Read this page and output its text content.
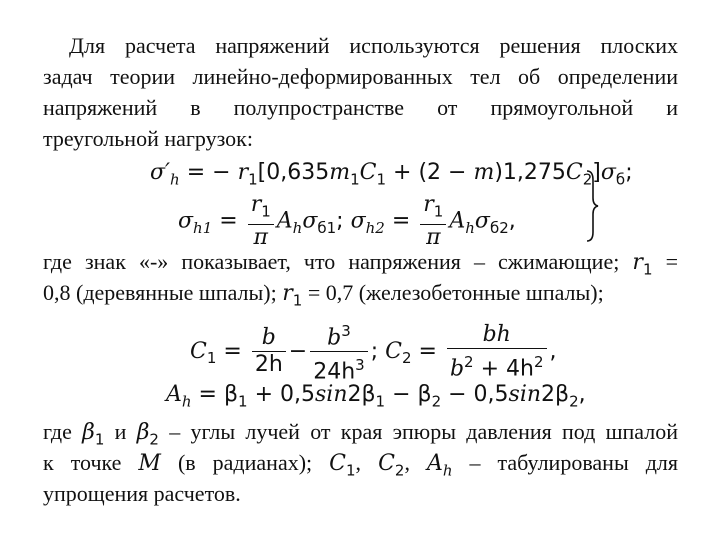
Для расчета напряжений используются решения плоских
задач теории линейно-деформированных тел об определении
напряжений в полупространстве от прямоугольной и
треугольной нагрузок:
$\sigma'_h$ = − $r_1[0,635m_1C_1 + (2 - m)1,275C_2]\sigma_б$;
$\sigma_{h1} = \frac{r_1}{\pi} A_h\sigma_{б1}$; $\sigma_{h2} = \frac{r_1}{\pi} A_h\sigma_{б2}$,
где знак «-» показывает, что напряжения – сжимающие; $r_1$ =
0,8 (деревянные шпалы); $r_1 = 0,7$ (железобетонные шпалы);
$C_1 = \frac{b}{2h} - \frac{b^3}{24h^3}$ ; $C_2 = \frac{bh}{b^2 + 4h^2}$ ,
$A_h = \beta_1 + 0,5\sin 2\beta_1 - \beta_2 - 0,5\sin 2\beta_2$,
где $\beta_1$ и $\beta_2$ – углы лучей от края эпюры давления под шпалой
к точке M (в радианах); $C_1$, $C_2$, $A_h$ – табулированы для
упрощения расчетов.
